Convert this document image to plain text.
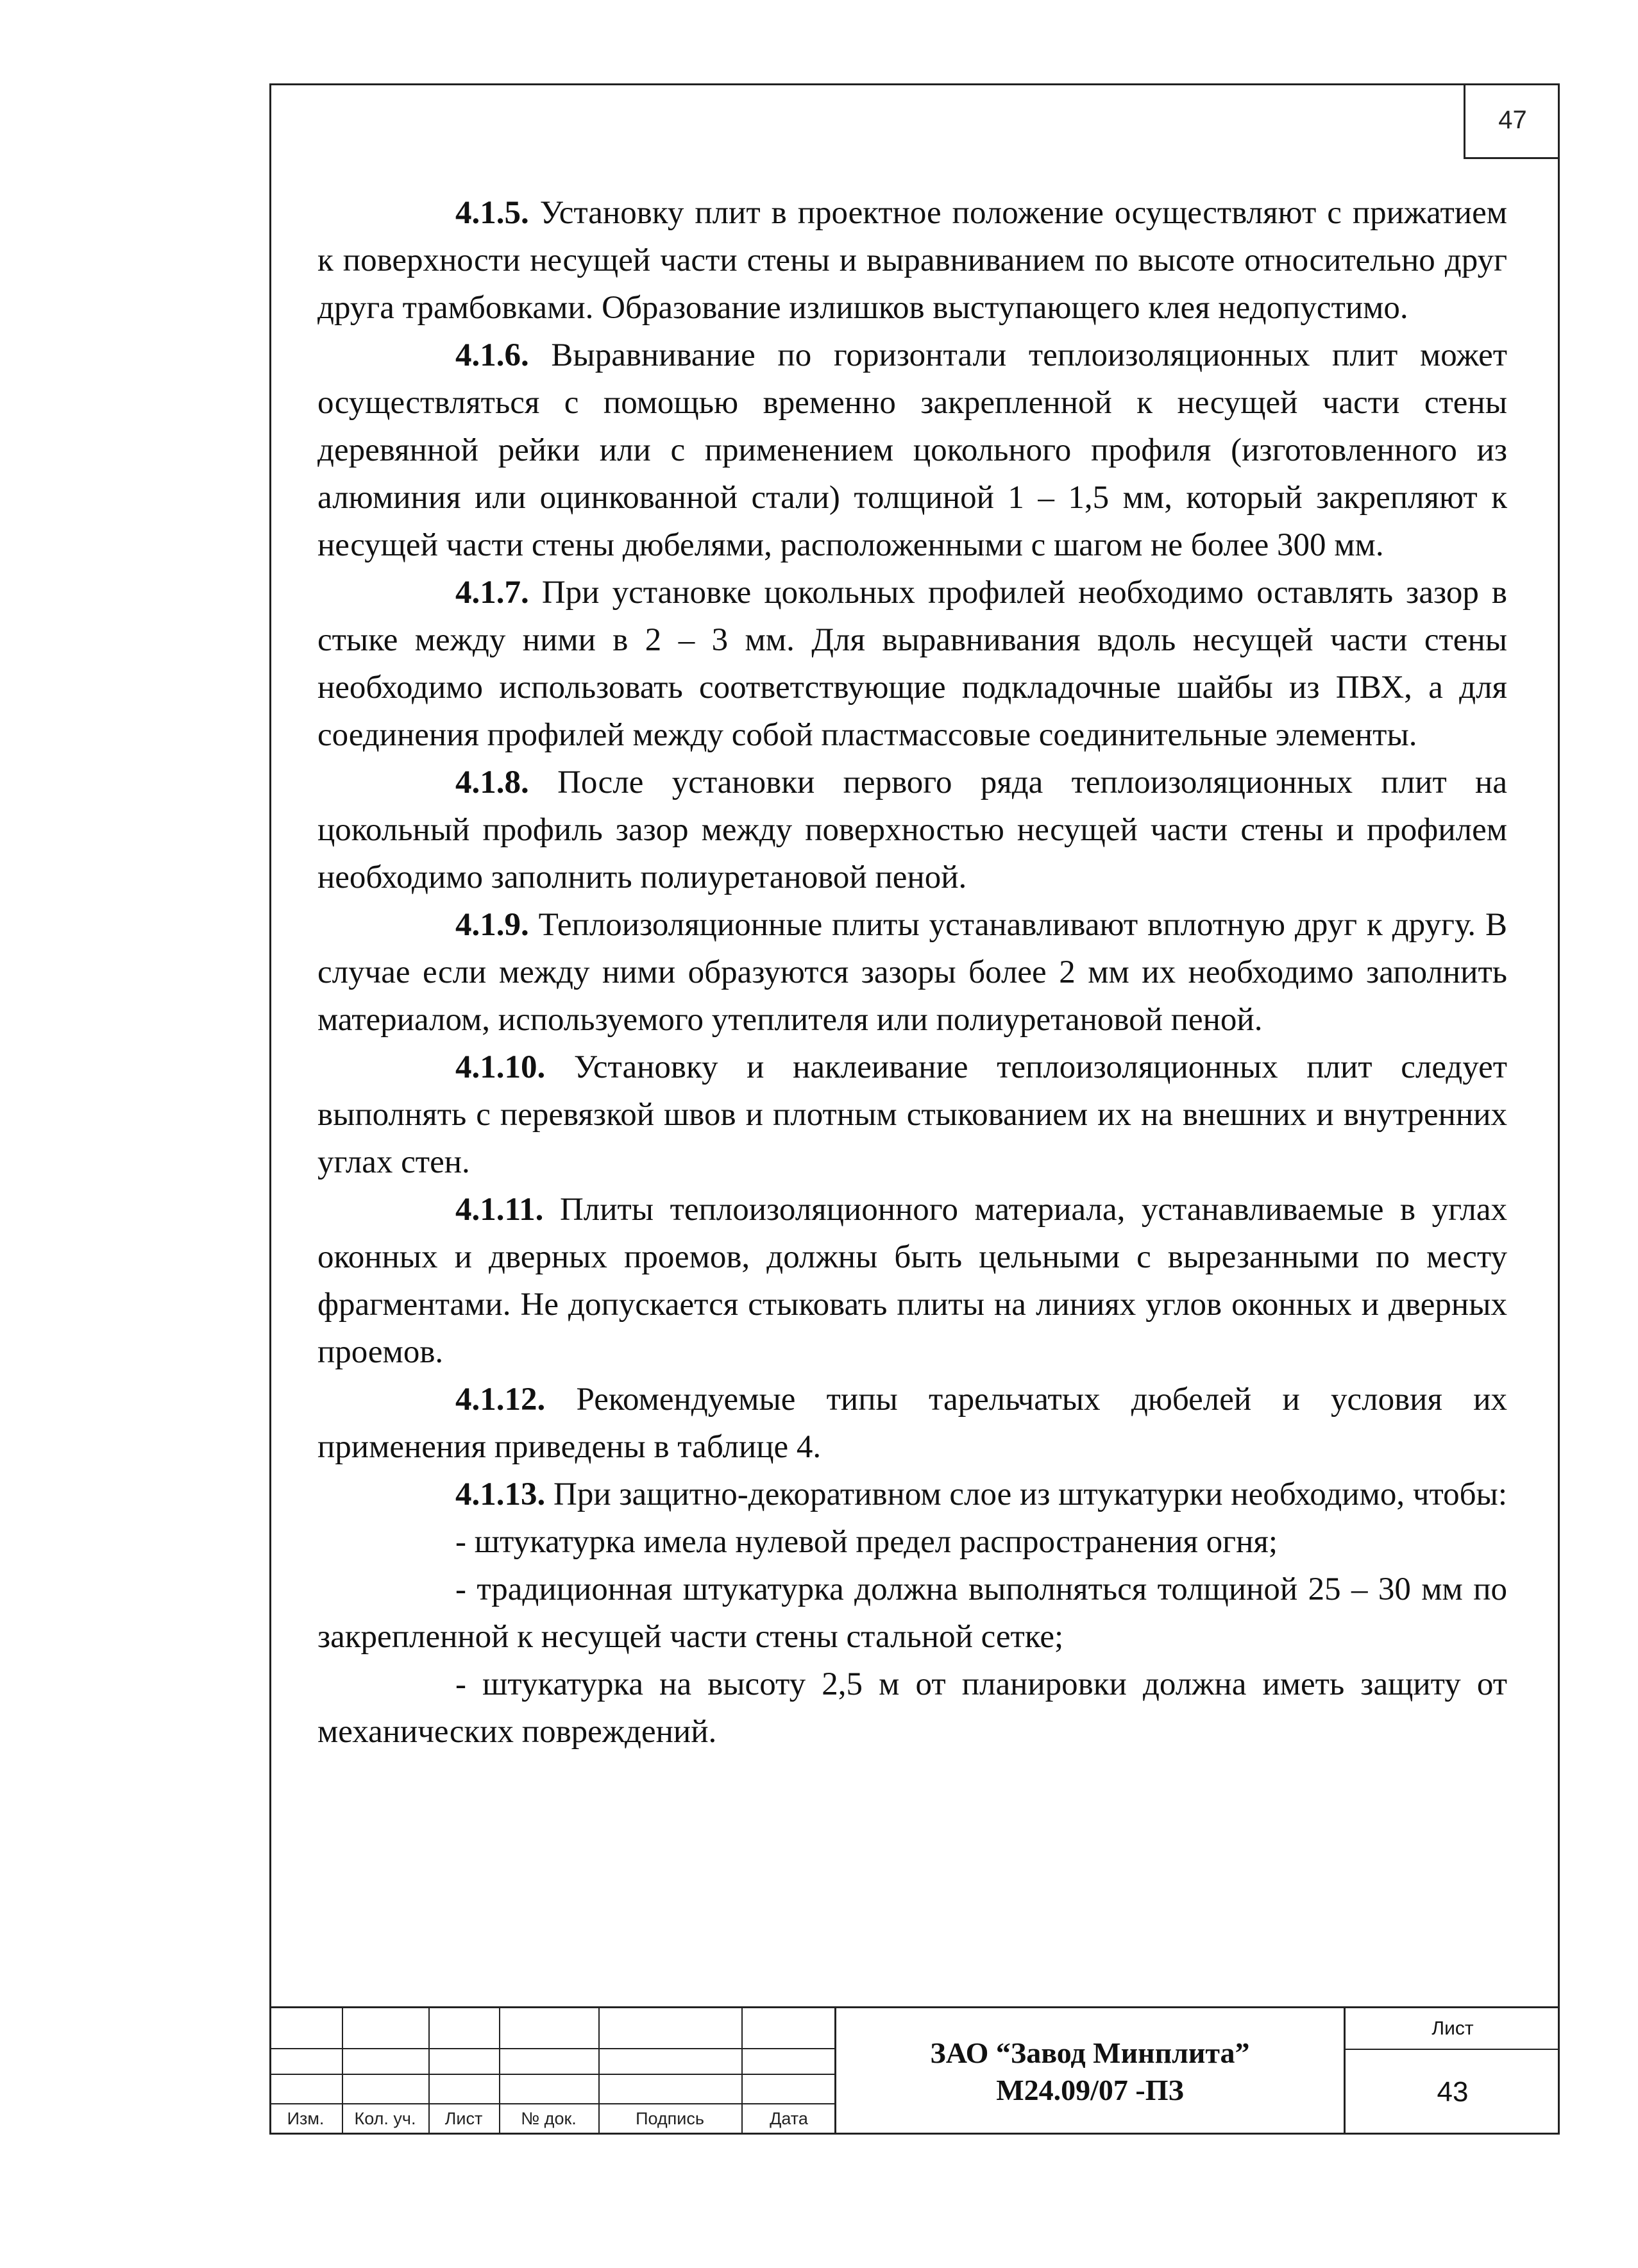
47

4.1.5. Установку плит в проектное положение осуществляют с прижатием к поверхности несущей части стены и выравниванием по высоте относительно друг друга трамбовками. Образование излишков выступающего клея недопустимо.

4.1.6. Выравнивание по горизонтали теплоизоляционных плит может осуществляться с помощью временно закрепленной к несущей части стены деревянной рейки или с применением цокольного профиля (изготовленного из алюминия или оцинкованной стали) толщиной 1 – 1,5 мм, который закрепляют к несущей части стены дюбелями, расположенными с шагом не более 300 мм.

4.1.7. При установке цокольных профилей необходимо оставлять зазор в стыке между ними в 2 – 3 мм. Для выравнивания вдоль несущей части стены необходимо использовать соответствующие подкладочные шайбы из ПВХ, а для соединения профилей между собой пластмассовые соединительные элементы.

4.1.8. После установки первого ряда теплоизоляционных плит на цокольный профиль зазор между поверхностью несущей части стены и профилем необходимо заполнить полиуретановой пеной.

4.1.9. Теплоизоляционные плиты устанавливают вплотную друг к другу. В случае если между ними образуются зазоры более 2 мм их необходимо заполнить материалом, используемого утеплителя или полиуретановой пеной.

4.1.10. Установку и наклеивание теплоизоляционных плит следует выполнять с перевязкой швов и плотным стыкованием их на внешних и внутренних углах стен.

4.1.11. Плиты теплоизоляционного материала, устанавливаемые в углах оконных и дверных проемов, должны быть цельными с вырезанными по месту фрагментами. Не допускается стыковать плиты на линиях углов оконных и дверных проемов.

4.1.12. Рекомендуемые типы тарельчатых дюбелей и условия их применения приведены в таблице 4.

4.1.13. При защитно-декоративном слое из штукатурки необходимо, чтобы:

- штукатурка имела нулевой предел распространения огня;

- традиционная штукатурка должна выполняться толщиной 25 – 30 мм по закрепленной к несущей части стены стальной сетке;

- штукатурка на высоту 2,5 м от планировки должна иметь защиту от механических повреждений.

Изм.	Кол. уч.	Лист	№ док.	Подпись	Дата
ЗАО “Завод Минплита”
М24.09/07 -ПЗ
Лист
43
